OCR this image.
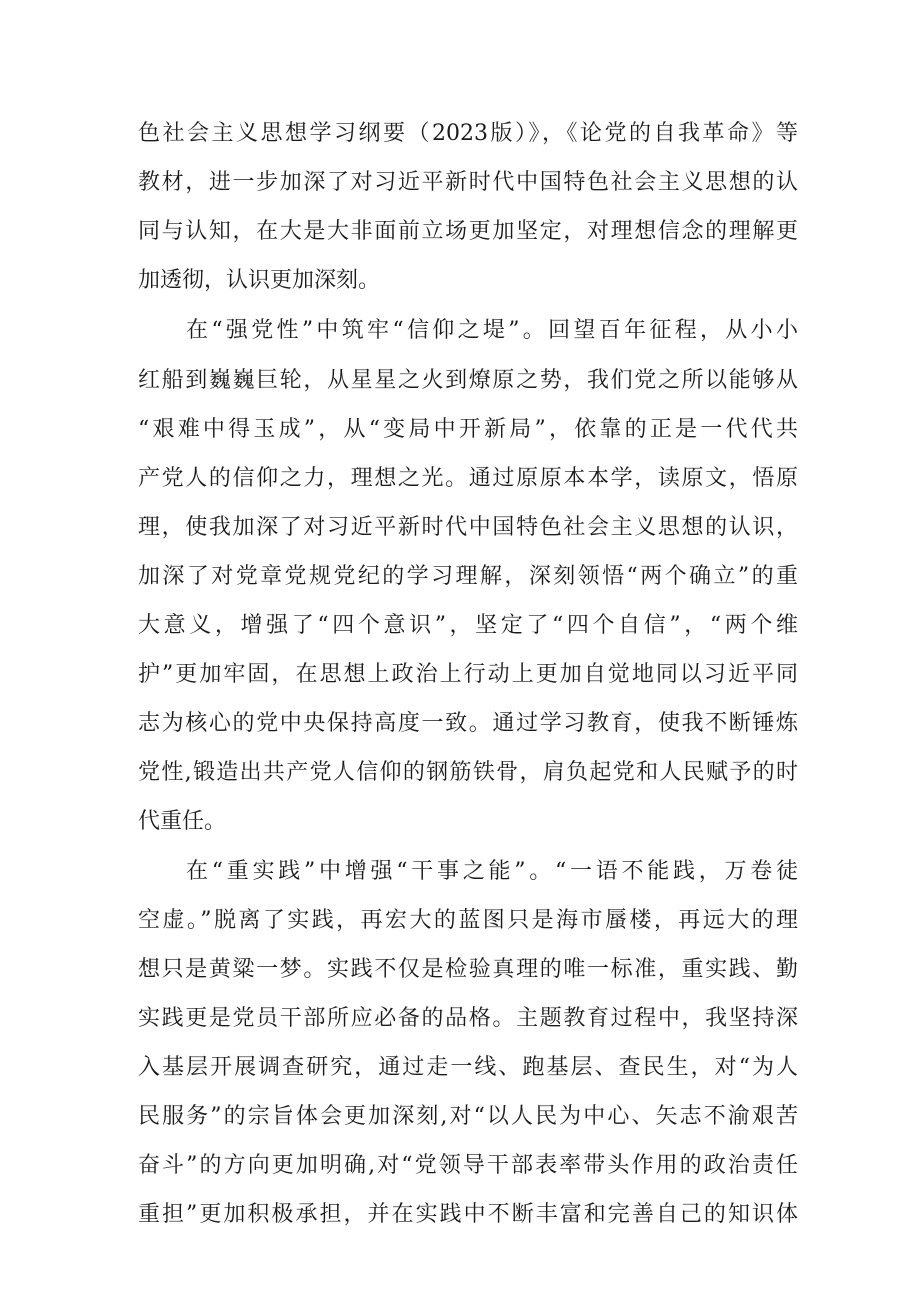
色社会主义思想学习纲要（2023版）》，《论党的自我革命》等
教材，进一步加深了对习近平新时代中国特色社会主义思想的认
同与认知，在大是大非面前立场更加坚定，对理想信念的理解更
加透彻，认识更加深刻。
在“强党性”中筑牢“信仰之堤”。回望百年征程，从小小
红船到巍巍巨轮，从星星之火到燎原之势，我们党之所以能够从
“艰难中得玉成”，从“变局中开新局”，依靠的正是一代代共
产党人的信仰之力，理想之光。通过原原本本学，读原文，悟原
理，使我加深了对习近平新时代中国特色社会主义思想的认识，
加深了对党章党规党纪的学习理解，深刻领悟“两个确立”的重
大意义，增强了“四个意识”，坚定了“四个自信”，“两个维
护”更加牢固，在思想上政治上行动上更加自觉地同以习近平同
志为核心的党中央保持高度一致。通过学习教育，使我不断锤炼
党性,锻造出共产党人信仰的钢筋铁骨，肩负起党和人民赋予的时
代重任。
在“重实践”中增强“干事之能”。“一语不能践，万卷徒
空虚。”脱离了实践，再宏大的蓝图只是海市蜃楼，再远大的理
想只是黄粱一梦。实践不仅是检验真理的唯一标准，重实践、勤
实践更是党员干部所应必备的品格。主题教育过程中，我坚持深
入基层开展调查研究，通过走一线、跑基层、查民生，对“为人
民服务”的宗旨体会更加深刻,对“以人民为中心、矢志不渝艰苦
奋斗”的方向更加明确,对“党领导干部表率带头作用的政治责任
重担”更加积极承担，并在实践中不断丰富和完善自己的知识体
